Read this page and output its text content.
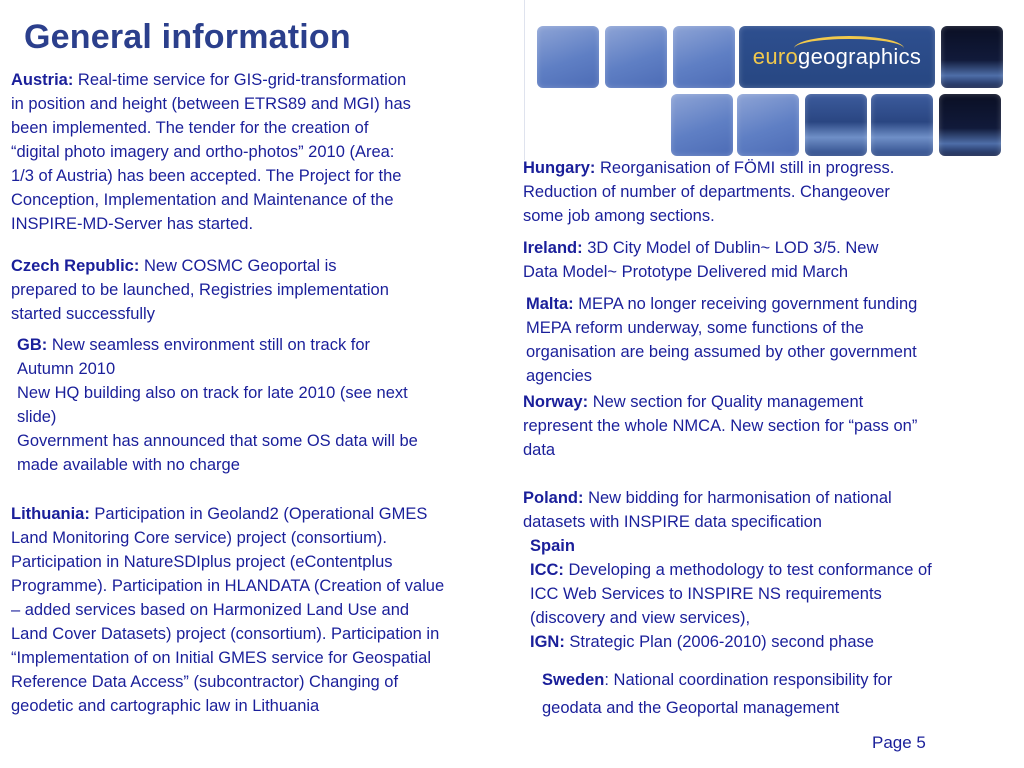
General information
eurogeographics
Austria: Real-time service for GIS-grid-transformation
in position and height (between ETRS89 and MGI) has
been implemented. The tender for the creation of
“digital photo imagery and ortho-photos” 2010 (Area:
1/3 of Austria) has been accepted. The Project for the
Conception, Implementation and Maintenance of the
INSPIRE-MD-Server has started.
Czech Republic: New COSMC Geoportal is
prepared to be launched, Registries implementation
started successfully
GB: New seamless environment still on track for
Autumn 2010
New HQ building also on track for late 2010 (see next
slide)
Government has announced that some OS data will be
made available with no charge
Lithuania: Participation in Geoland2 (Operational GMES
Land Monitoring Core service) project (consortium).
Participation in NatureSDIplus project (eContentplus
Programme). Participation in HLANDATA (Creation of value
– added services based on Harmonized Land Use and
Land Cover Datasets) project (consortium). Participation in
“Implementation of on Initial GMES service for Geospatial
Reference Data Access” (subcontractor) Changing of
geodetic and cartographic law in Lithuania
Hungary: Reorganisation of FÖMI still in progress.
Reduction of number of departments. Changeover
some job among sections.
Ireland: 3D City Model of Dublin~ LOD 3/5. New
Data Model~ Prototype Delivered mid March
Malta: MEPA no longer receiving government funding
MEPA reform underway, some functions of the
organisation are being assumed by other government
agencies
Norway: New section for Quality management
represent the whole NMCA. New section for “pass on”
data
Poland: New bidding for harmonisation of national
datasets with INSPIRE data specification
Spain
ICC: Developing a methodology to test conformance of
ICC Web Services to INSPIRE NS requirements
(discovery and view services),
IGN: Strategic Plan (2006-2010) second phase
Sweden: National coordination responsibility for
geodata and the Geoportal management
Page 5
